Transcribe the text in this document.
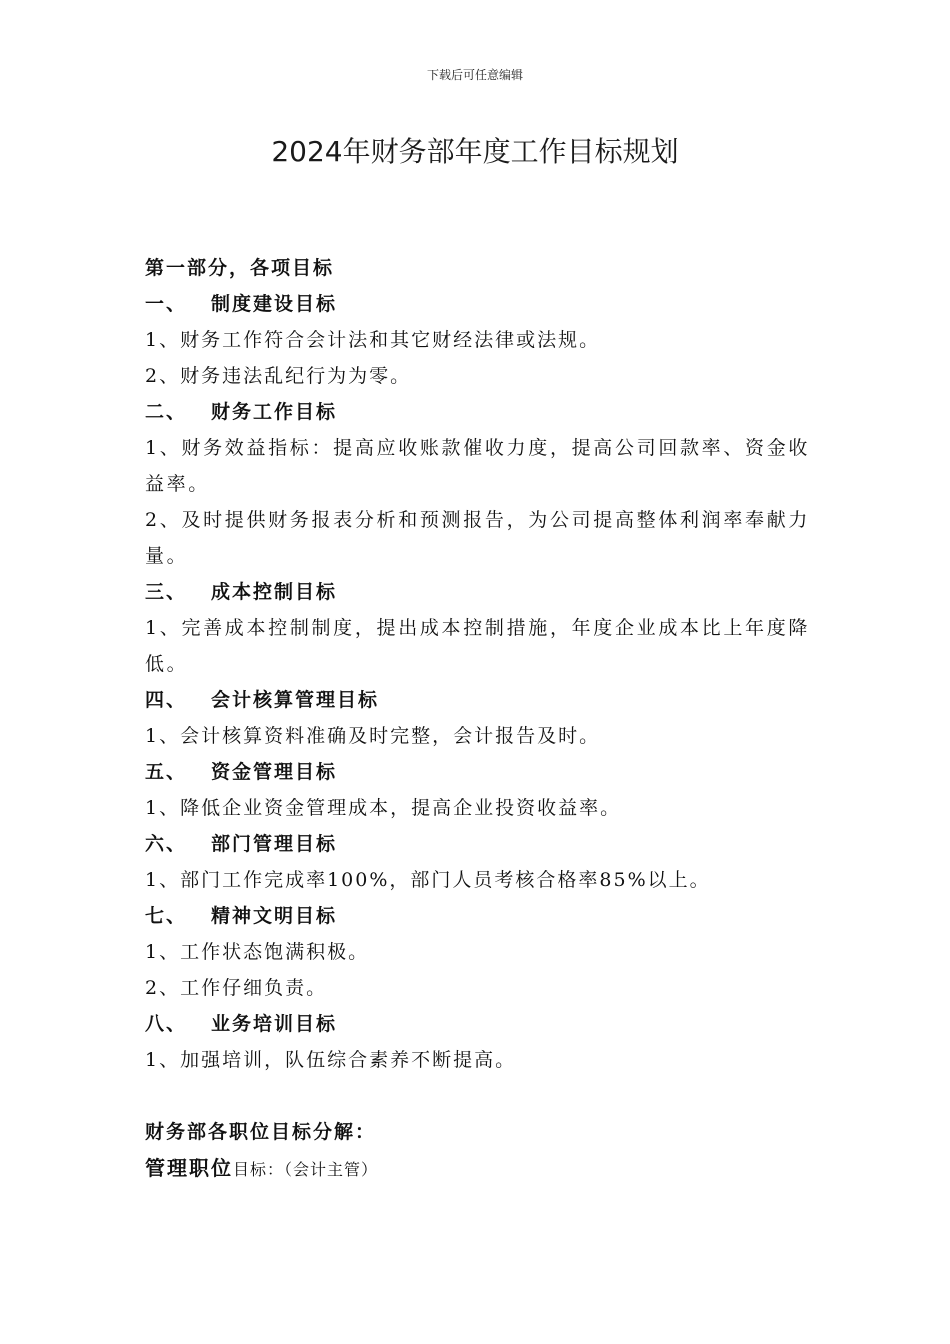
下载后可任意编辑
2024年财务部年度工作目标规划
第一部分，各项目标
一、 制度建设目标
1、财务工作符合会计法和其它财经法律或法规。
2、财务违法乱纪行为为零。
二、 财务工作目标
1、财务效益指标：提高应收账款催收力度，提高公司回款率、资金收益率。
2、及时提供财务报表分析和预测报告，为公司提高整体利润率奉献力量。
三、 成本控制目标
1、完善成本控制制度，提出成本控制措施，年度企业成本比上年度降低。
四、 会计核算管理目标
1、会计核算资料准确及时完整，会计报告及时。
五、 资金管理目标
1、降低企业资金管理成本，提高企业投资收益率。
六、 部门管理目标
1、部门工作完成率100%，部门人员考核合格率85%以上。
七、 精神文明目标
1、工作状态饱满积极。
2、工作仔细负责。
八、 业务培训目标
1、加强培训，队伍综合素养不断提高。
财务部各职位目标分解：
管理职位目标：（会计主管）
